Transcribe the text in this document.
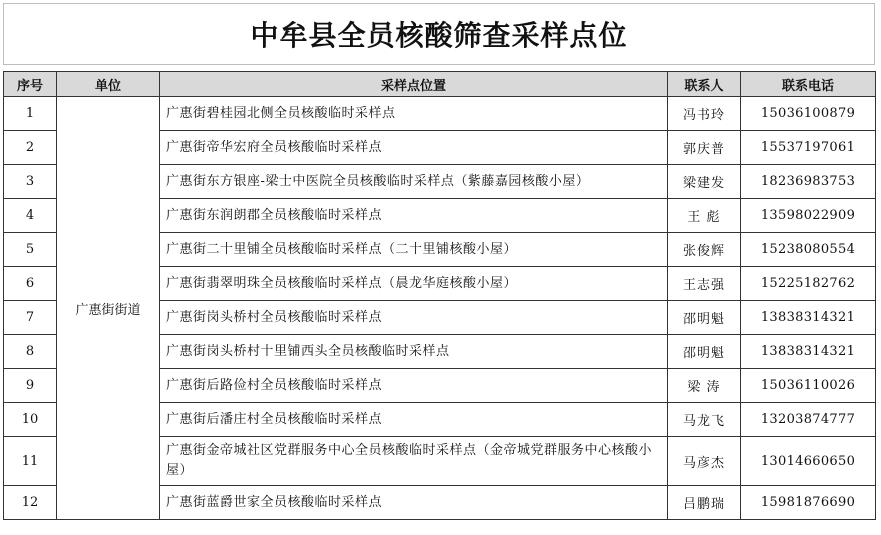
中牟县全员核酸筛查采样点位
序号	单位	采样点位置	联系人	联系电话
1	广惠街街道	广惠街碧桂园北侧全员核酸临时采样点	冯书玲	15036100879
2		广惠街帝华宏府全员核酸临时采样点	郭庆普	15537197061
3		广惠街东方银座-梁士中医院全员核酸临时采样点（紫藤嘉园核酸小屋）	梁建发	18236983753
4		广惠街东润朗郡全员核酸临时采样点	王 彪	13598022909
5		广惠街二十里铺全员核酸临时采样点（二十里铺核酸小屋）	张俊辉	15238080554
6		广惠街翡翠明珠全员核酸临时采样点（晨龙华庭核酸小屋）	王志强	15225182762
7		广惠街岗头桥村全员核酸临时采样点	邵明魁	13838314321
8		广惠街岗头桥村十里铺西头全员核酸临时采样点	邵明魁	13838314321
9		广惠街后路俭村全员核酸临时采样点	梁 涛	15036110026
10		广惠街后潘庄村全员核酸临时采样点	马龙飞	13203874777
11		广惠街金帝城社区党群服务中心全员核酸临时采样点（金帝城党群服务中心核酸小屋）	马彦杰	13014660650
12		广惠街蓝爵世家全员核酸临时采样点	吕鹏瑞	15981876690
